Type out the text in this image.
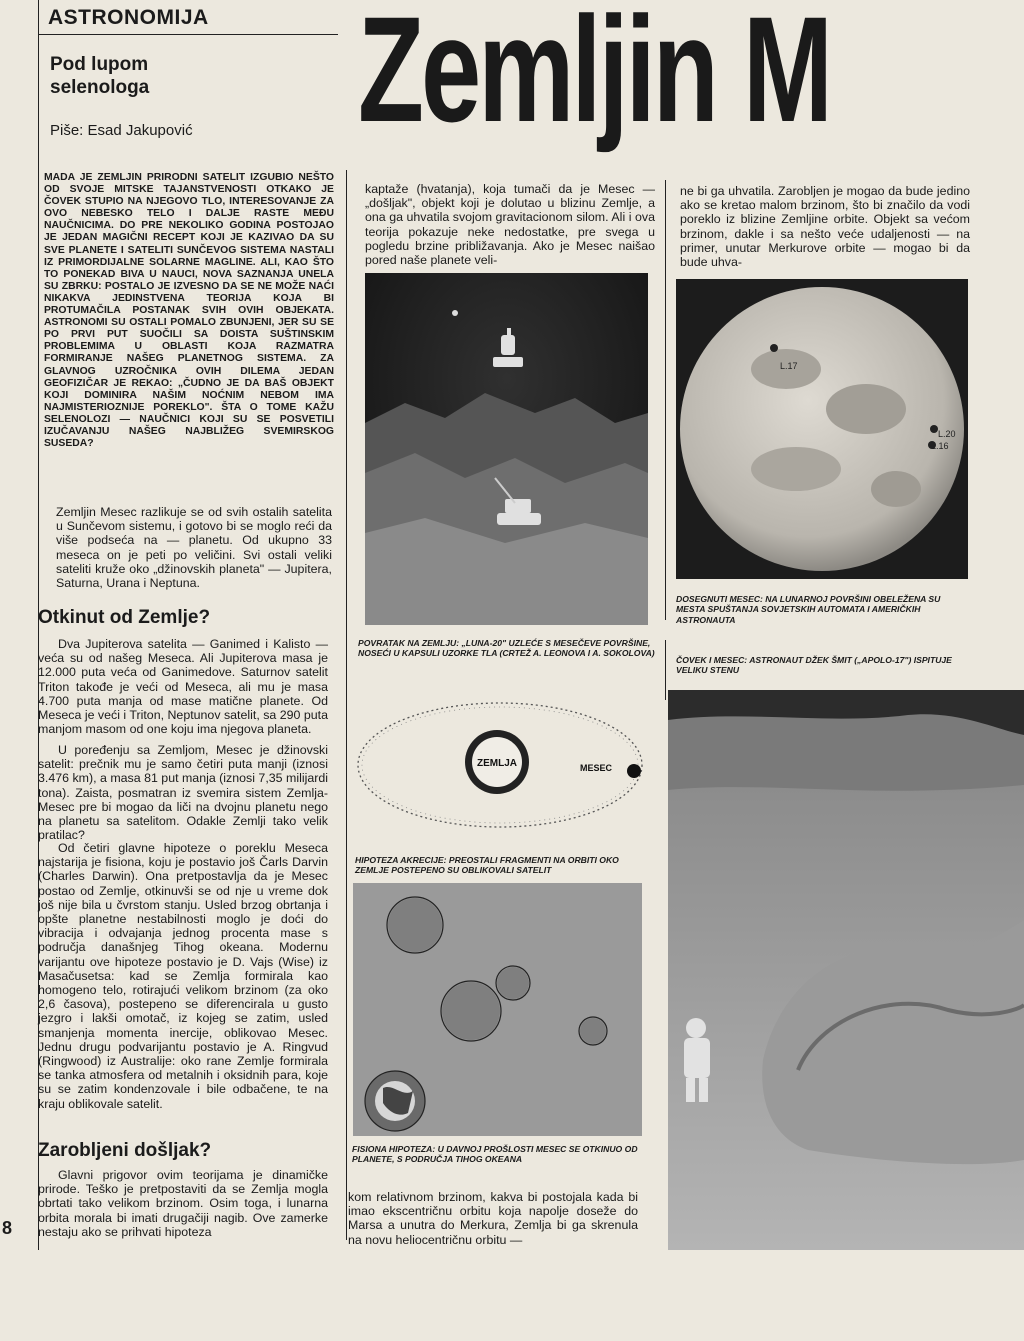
ASTRONOMIJA
Pod lupom selenologa
Piše: Esad Jakupović Zemljin M
MADA JE ZEMLJIN PRIRODNI SATELIT IZGUBIO NEŠTO OD SVOJE MITSKE TAJANSTVENOSTI OTKAKO JE ČOVEK STUPIO NA NJEGOVO TLO, INTERESOVANJE ZA OVO NEBESKO TELO I DALJE RASTE MEĐU NAUČNICIMA. DO PRE NEKOLIKO GODINA POSTOJAO JE JEDAN MAGIČNI RECEPT KOJI JE KAZIVAO DA SU SVE PLANETE I SATELITI SUNČEVOG SISTEMA NASTALI IZ PRIMORDIJALNE SOLARNE MAGLINE. ALI, KAO ŠTO TO PONEKAD BIVA U NAUCI, NOVA SAZNANJA UNELA SU ZBRKU: POSTALO JE IZVESNO DA SE NE MOŽE NAĆI NIKAKVA JEDINSTVENA TEORIJA KOJA BI PROTUMAČILA POSTANAK SVIH OVIH OBJEKATA. ASTRONOMI SU OSTALI POMALO ZBUNJENI, JER SU SE PO PRVI PUT SUOČILI SA DOISTA SUŠTINSKIM PROBLEMIMA U OBLASTI KOJA RAZMATRA FORMIRANJE NAŠEG PLANETNOG SISTEMA. ZA GLAVNOG UZROČNIKA OVIH DILEMA JEDAN GEOFIZIČAR JE REKAO: „ČUDNO JE DA BAŠ OBJEKT KOJI DOMINIRA NAŠIM NOĆNIM NEBOM IMA NAJMISTERIOZNIJE POREKLO". ŠTA O TOME KAŽU SELENOLOZI — NAUČNICI KOJI SU SE POSVETILI IZUČAVANJU NAŠEG NAJBLIŽEG SVEMIRSKOG SUSEDA?
Zemljin Mesec razlikuje se od svih ostalih satelita u Sunčevom sistemu, i gotovo bi se moglo reći da više podseća na — planetu. Od ukupno 33 meseca on je peti po veličini. Svi ostali veliki sateliti kruže oko „džinovskih planeta" — Jupitera, Saturna, Urana i Neptuna.
Otkinut od Zemlje?
Dva Jupiterova satelita — Ganimed i Kalisto — veća su od našeg Meseca. Ali Jupiterova masa je 12.000 puta veća od Ganimedove. Saturnov satelit Triton takođe je veći od Meseca, ali mu je masa 4.700 puta manja od mase matične planete. Od Meseca je veći i Triton, Neptunov satelit, sa 290 puta manjom masom od one koju ima njegova planeta.
U poređenju sa Zemljom, Mesec je džinovski satelit: prečnik mu je samo četiri puta manji (iznosi 3.476 km), a masa 81 put manja (iznosi 7,35 milijardi tona). Zaista, posmatran iz svemira sistem Zemlja-Mesec pre bi mogao da liči na dvojnu planetu nego na planetu sa satelitom. Odakle Zemlji tako velik pratilac?
Od četiri glavne hipoteze o poreklu Meseca najstarija je fisiona, koju je postavio još Čarls Darvin (Charles Darwin). Ona pretpostavlja da je Mesec postao od Zemlje, otkinuvši se od nje u vreme dok još nije bila u čvrstom stanju. Usled brzog obrtanja i opšte planetne nestabilnosti moglo je doći do vibracija i odvajanja jednog procenta mase s područja današnjeg Tihog okeana. Modernu varijantu ove hipoteze postavio je D. Vajs (Wise) iz Masačusetsa: kad se Zemlja formirala kao homogeno telo, rotirajući velikom brzinom (za oko 2,6 časova), postepeno se diferencirala u gusto jezgro i lakši omotač, iz kojeg se zatim, usled smanjenja momenta inercije, oblikovao Mesec. Jednu drugu podvarijantu postavio je A. Ringvud (Ringwood) iz Australije: oko rane Zemlje formirala se tanka atmosfera od metalnih i oksidnih para, koje su se zatim kondenzovale i bile odbačene, te na kraju oblikovale satelit.
Zarobljeni došljak?
Glavni prigovor ovim teorijama je dinamičke prirode. Teško je pretpostaviti da se Zemlja mogla obrtati tako velikom brzinom. Osim toga, i lunarna orbita morala bi imati drugačiji nagib. Ove zamerke nestaju ako se prihvati hipoteza
kaptaže (hvatanja), koja tumači da je Mesec — „došljak", objekt koji je dolutao u blizinu Zemlje, a ona ga uhvatila svojom gravitacionom silom. Ali i ova teorija pokazuje neke nedostatke, pre svega u pogledu brzine približavanja. Ako je Mesec naišao pored naše planete veli-
ne bi ga uhvatila. Zarobljen je mogao da bude jedino ako se kretao malom brzinom, što bi značilo da vodi poreklo iz blizine Zemljine orbite. Objekt sa većom brzinom, dakle i sa nešto veće udaljenosti — na primer, unutar Merkurove orbite — mogao bi da bude uhva-
POVRATAK NA ZEMLJU: „LUNA-20" UZLEĆE S MESEČEVE POVRŠINE, NOSEĆI U KAPSULI UZORKE TLA (CRTEŽ A. LEONOVA I A. SOKOLOVA)
L.17
L.20
L.16
DOSEGNUTI MESEC: NA LUNARNOJ POVRŠINI OBELEŽENA SU MESTA SPUŠTANJA SOVJETSKIH AUTOMATA I AMERIČKIH ASTRONAUTA
ČOVEK I MESEC: ASTRONAUT DŽEK ŠMIT („APOLO-17") ISPITUJE VELIKU STENU
ZEMLJA	MESEC
HIPOTEZA AKRECIJE: PREOSTALI FRAGMENTI NA ORBITI OKO ZEMLJE POSTEPENO SU OBLIKOVALI SATELIT
FISIONA HIPOTEZA: U DAVNOJ PROŠLOSTI MESEC SE OTKINUO OD PLANETE, S PODRUČJA TIHOG OKEANA
kom relativnom brzinom, kakva bi postojala kada bi imao ekscentričnu orbitu koja napolje doseže do Marsa a unutra do Merkura, Zemlja bi ga skrenula na novu heliocentričnu orbitu —
8
